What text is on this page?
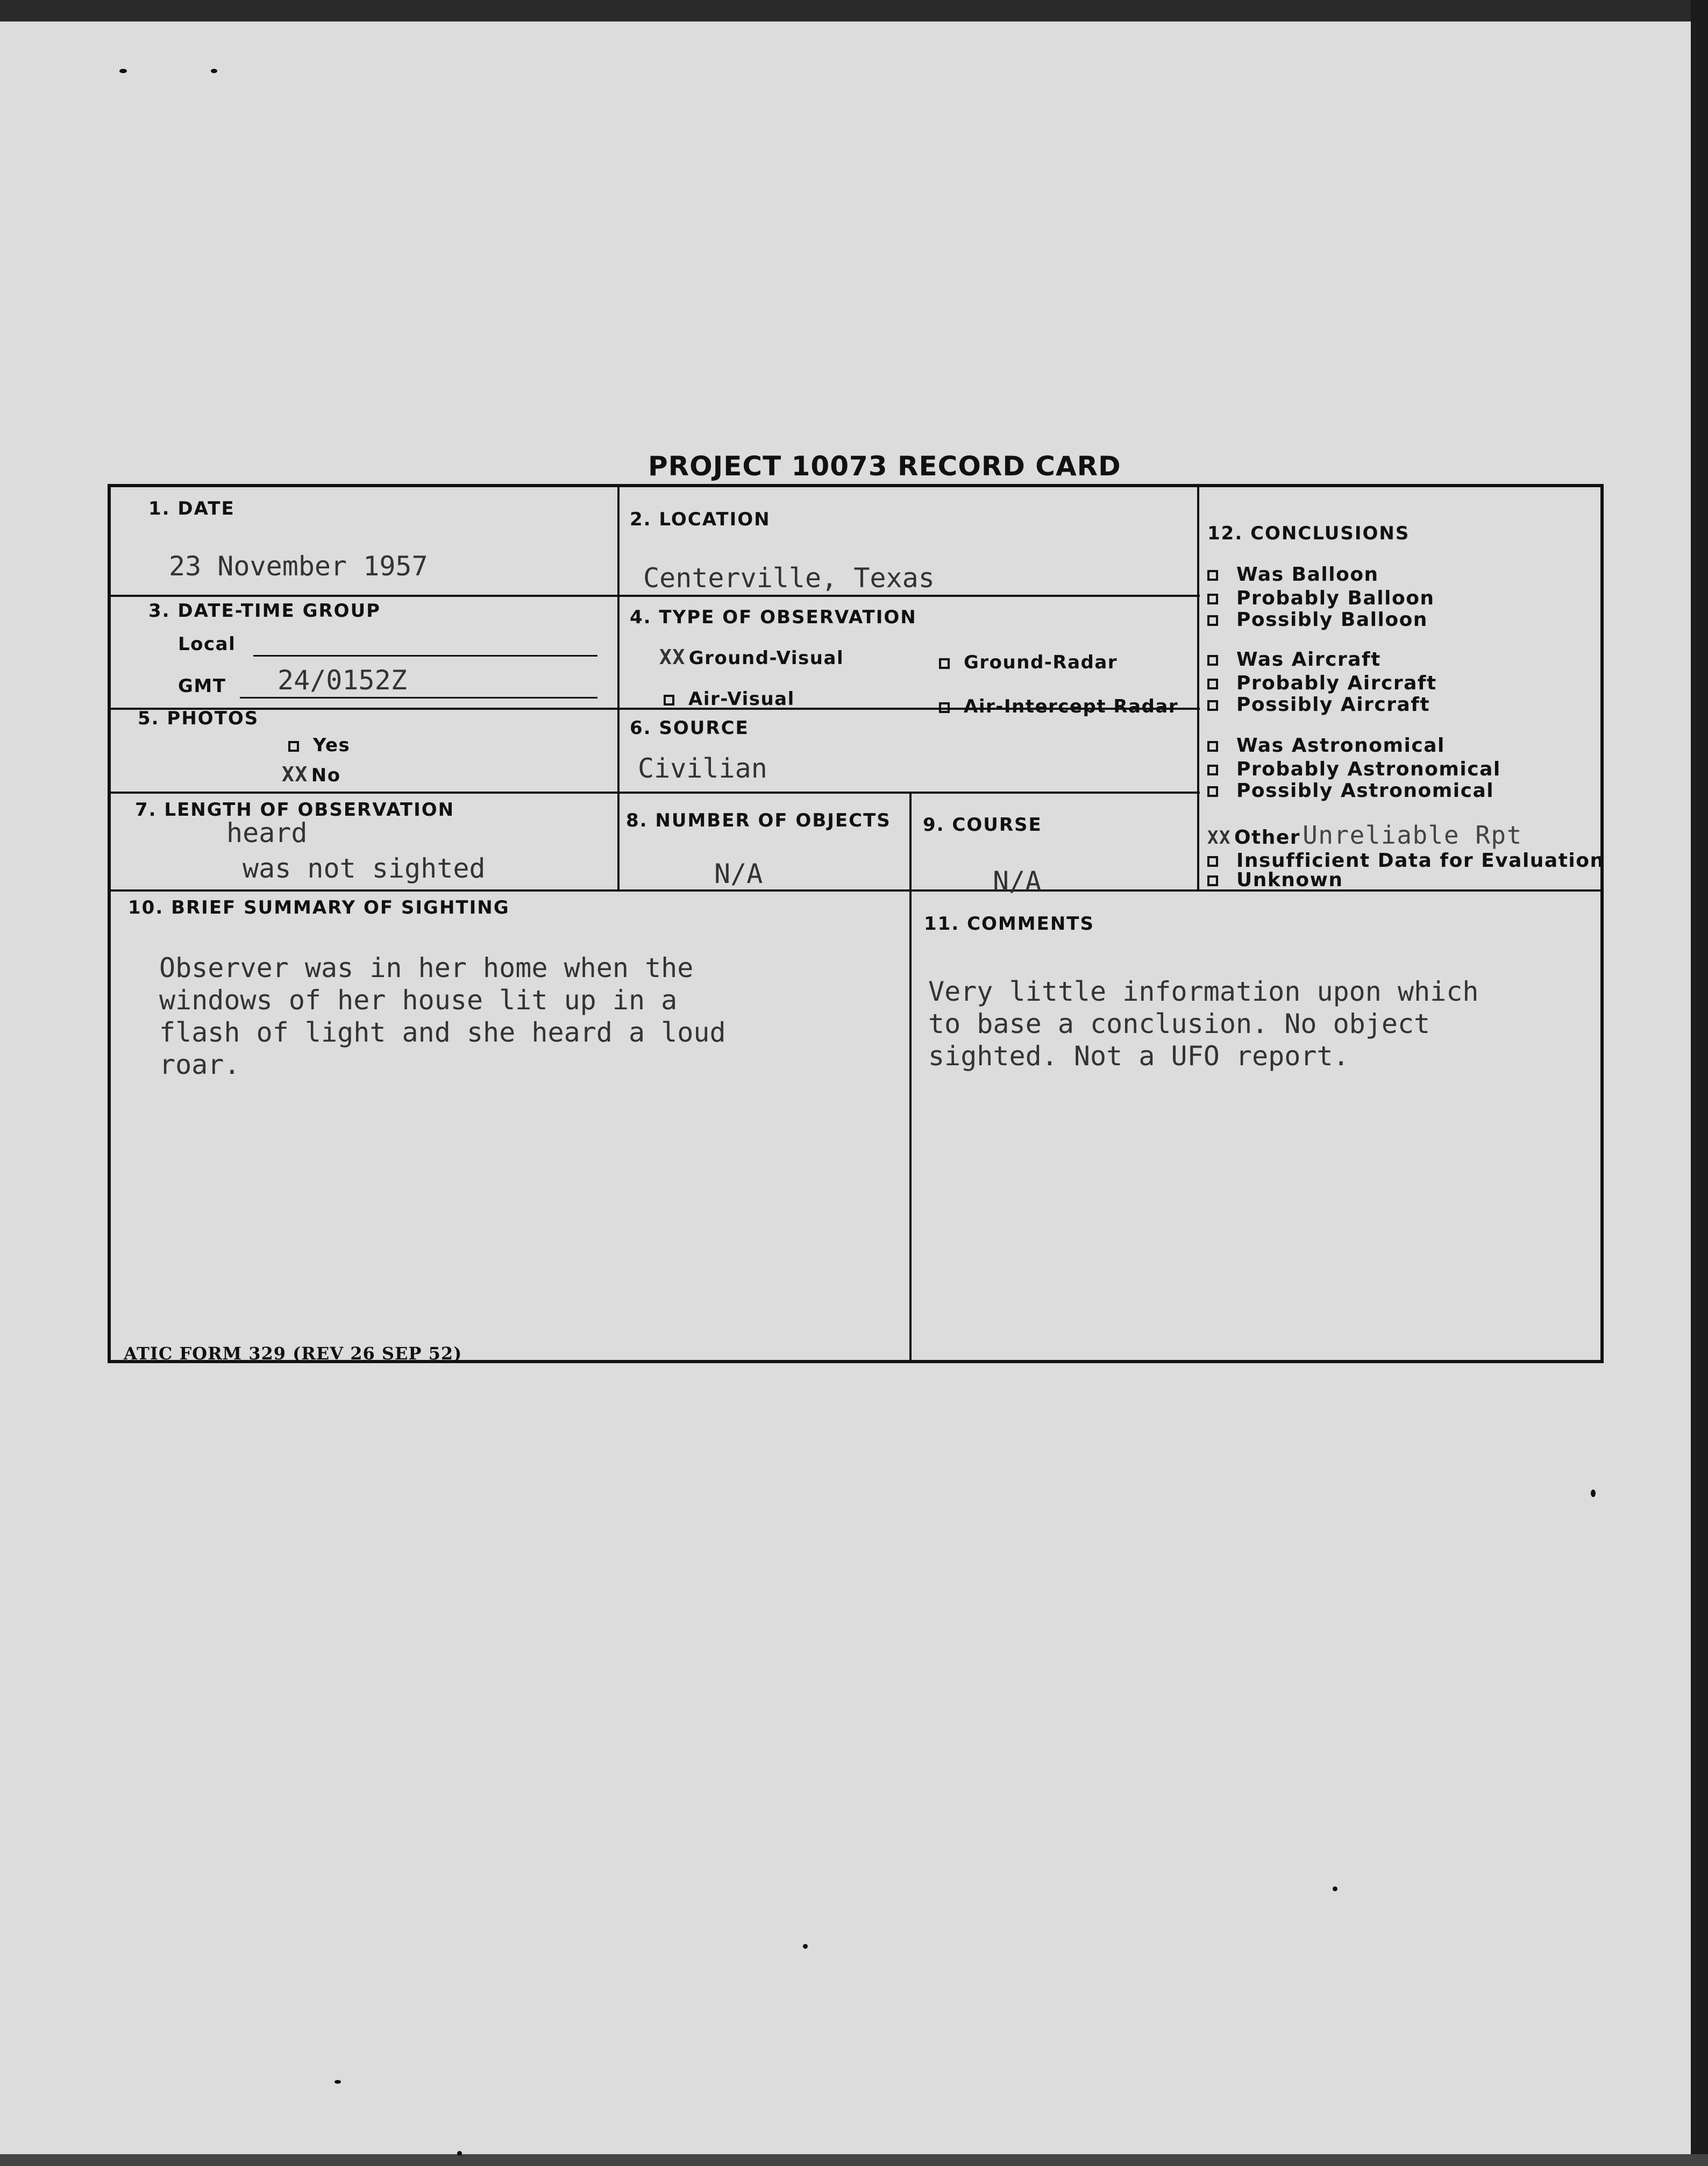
PROJECT 10073 RECORD CARD
1. DATE
23 November 1957
2. LOCATION
Centerville, Texas
3. DATE-TIME GROUP
Local
GMT 24/0152Z
4. TYPE OF OBSERVATION
XX Ground-Visual	Ground-Radar
Air-Visual	Air-Intercept Radar
5. PHOTOS
Yes
XX No
6. SOURCE
Civilian
7. LENGTH OF OBSERVATION
heard
was not sighted
8. NUMBER OF OBJECTS
N/A
9. COURSE
N/A
10. BRIEF SUMMARY OF SIGHTING
Observer was in her home when the
windows of her house lit up in a
flash of light and she heard a loud
roar.
11. COMMENTS
Very little information upon which
to base a conclusion. No object
sighted. Not a UFO report.
12. CONCLUSIONS
Was Balloon
Probably Balloon
Possibly Balloon
Was Aircraft
Probably Aircraft
Possibly Aircraft
Was Astronomical
Probably Astronomical
Possibly Astronomical
XX OtherUnreliable Rpt
Insufficient Data for Evaluation
Unknown
ATIC FORM 329 (REV 26 SEP 52)
